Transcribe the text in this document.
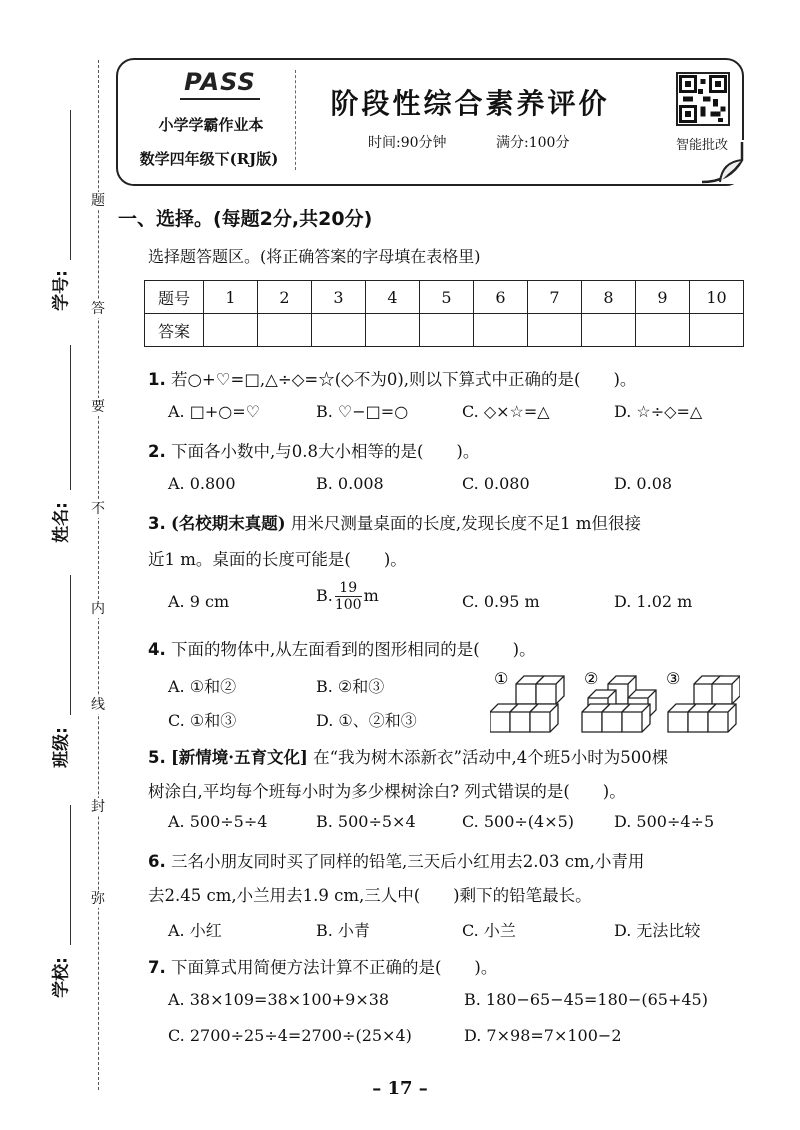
题
答
要
不
内
线
封
弥
学号:
姓名:
班级:
学校:
PASS
小学学霸作业本
数学四年级下(RJ版)
阶段性综合素养评价
时间:90分钟	满分:100分	智能批改
一、选择。(每题2分,共20分)
选择题答题区。(将正确答案的字母填在表格里)
题号	1	2	3	4	5	6	7	8	9	10
答案										
1. 若○+♡=□,△÷◇=☆(◇不为0),则以下算式中正确的是(　　)。
A. □+○=♡	B. ♡−□=○	C. ◇×☆=△	D. ☆÷◇=△
2. 下面各小数中,与0.8大小相等的是(　　)。
A. 0.800	B. 0.008	C. 0.080	D. 0.08
3. (名校期末真题) 用米尺测量桌面的长度,发现长度不足1 m但很接
近1 m。桌面的长度可能是(　　)。
A. 9 cm	B. $\frac{19}{100}$ m	C. 0.95 m	D. 1.02 m
4. 下面的物体中,从左面看到的图形相同的是(　　)。
A. ①和②	B. ②和③
C. ①和③	D. ①、②和③
①	②	③
5. [新情境·五育文化] 在“我为树木添新衣”活动中,4个班5小时为500棵
树涂白,平均每个班每小时为多少棵树涂白? 列式错误的是(　　)。
A. 500÷5÷4	B. 500÷5×4	C. 500÷(4×5) D. 500÷4÷5
6. 三名小朋友同时买了同样的铅笔,三天后小红用去2.03 cm,小青用
去2.45 cm,小兰用去1.9 cm,三人中(　　)剩下的铅笔最长。
A. 小红	B. 小青	C. 小兰	D. 无法比较
7. 下面算式用简便方法计算不正确的是(　　)。
A. 38×109=38×100+9×38	B. 180−65−45=180−(65+45)
C. 2700÷25÷4=2700÷(25×4)	D. 7×98=7×100−2
– 17 –
